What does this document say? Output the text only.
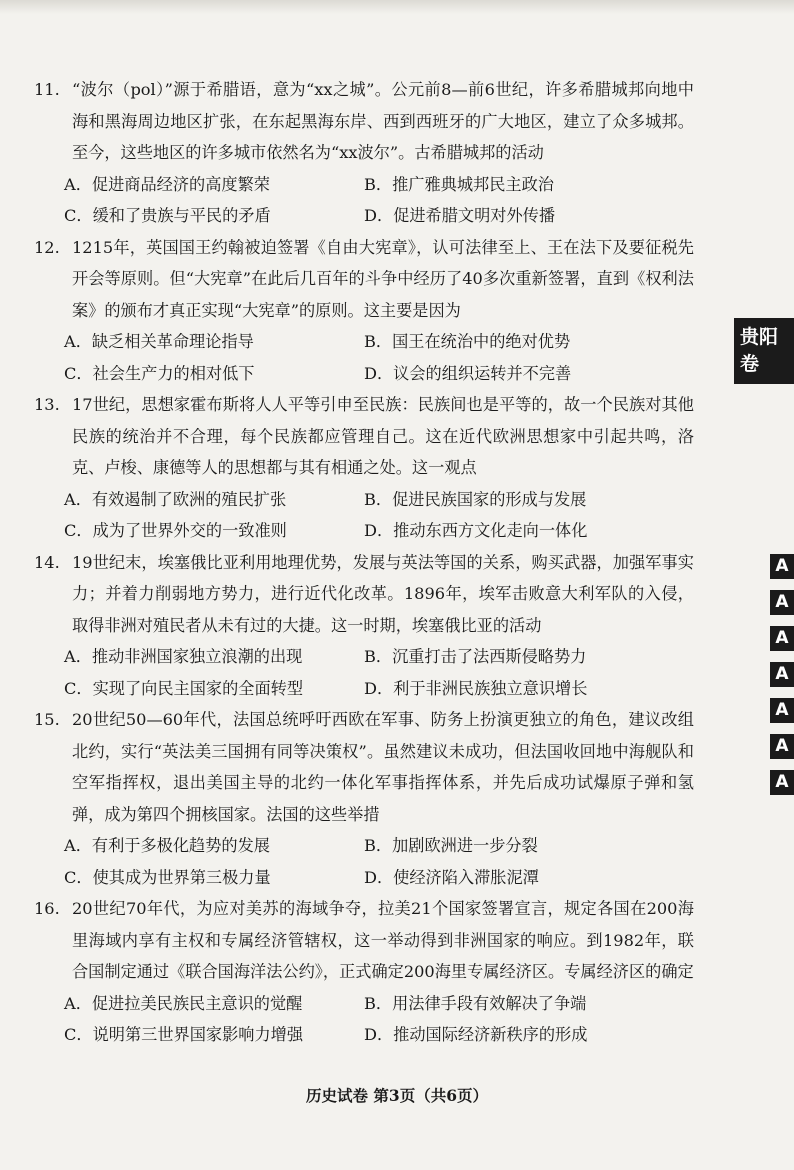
11. “波尔（pol）”源于希腊语，意为“xx之城”。公元前8—前6世纪，许多希腊城邦向地中海和黑海周边地区扩张，在东起黑海东岸、西到西班牙的广大地区，建立了众多城邦。至今，这些地区的许多城市依然名为“xx波尔”。古希腊城邦的活动
A．促进商品经济的高度繁荣	B．推广雅典城邦民主政治
C．缓和了贵族与平民的矛盾	D．促进希腊文明对外传播
12. 1215年，英国国王约翰被迫签署《自由大宪章》，认可法律至上、王在法下及要征税先开会等原则。但“大宪章”在此后几百年的斗争中经历了40多次重新签署，直到《权利法案》的颁布才真正实现“大宪章”的原则。这主要是因为
A．缺乏相关革命理论指导	B．国王在统治中的绝对优势
C．社会生产力的相对低下	D．议会的组织运转并不完善
13. 17世纪，思想家霍布斯将人人平等引申至民族：民族间也是平等的，故一个民族对其他民族的统治并不合理，每个民族都应管理自己。这在近代欧洲思想家中引起共鸣，洛克、卢梭、康德等人的思想都与其有相通之处。这一观点
A．有效遏制了欧洲的殖民扩张	B．促进民族国家的形成与发展
C．成为了世界外交的一致准则	D．推动东西方文化走向一体化
14. 19世纪末，埃塞俄比亚利用地理优势，发展与英法等国的关系，购买武器，加强军事实力；并着力削弱地方势力，进行近代化改革。1896年，埃军击败意大利军队的入侵，取得非洲对殖民者从未有过的大捷。这一时期，埃塞俄比亚的活动
A．推动非洲国家独立浪潮的出现	B．沉重打击了法西斯侵略势力
C．实现了向民主国家的全面转型	D．利于非洲民族独立意识增长
15. 20世纪50—60年代，法国总统呼吁西欧在军事、防务上扮演更独立的角色，建议改组北约，实行“英法美三国拥有同等决策权”。虽然建议未成功，但法国收回地中海舰队和空军指挥权，退出美国主导的北约一体化军事指挥体系，并先后成功试爆原子弹和氢弹，成为第四个拥核国家。法国的这些举措
A．有利于多极化趋势的发展	B．加剧欧洲进一步分裂
C．使其成为世界第三极力量	D．使经济陷入滞胀泥潭
16. 20世纪70年代，为应对美苏的海域争夺，拉美21个国家签署宣言，规定各国在200海里海域内享有主权和专属经济管辖权，这一举动得到非洲国家的响应。到1982年，联合国制定通过《联合国海洋法公约》，正式确定200海里专属经济区。专属经济区的确定
A．促进拉美民族民主意识的觉醒	B．用法律手段有效解决了争端
C．说明第三世界国家影响力增强	D．推动国际经济新秩序的形成
贵阳卷
A
A
A
A
A
A
A
历史试卷 第3页（共6页）
